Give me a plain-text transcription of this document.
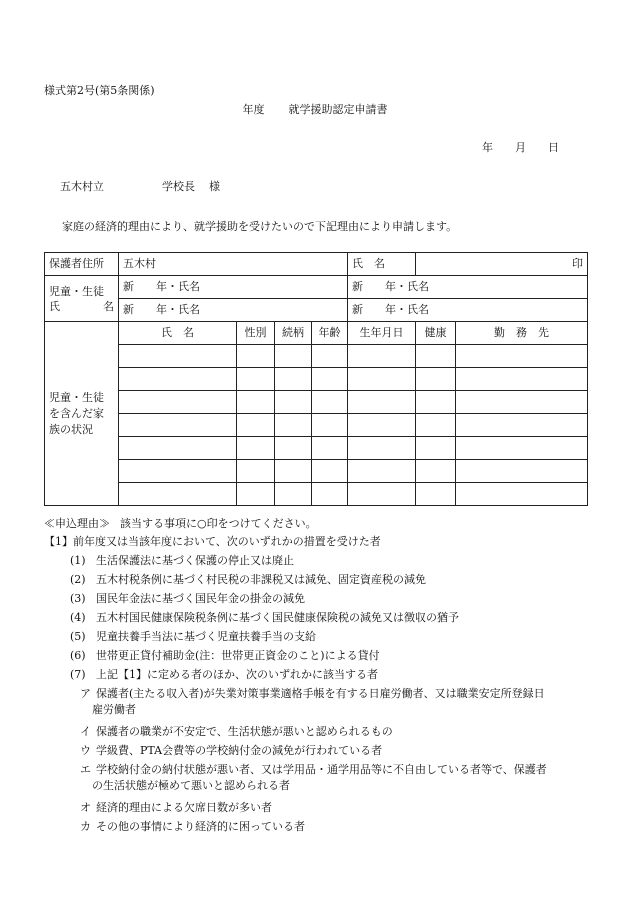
様式第2号(第5条関係)
年度 就学援助認定申請書
年 月 日
五木村立	学校長 様
家庭の経済的理由により、就学援助を受けたいので下記理由により申請します。
保護者住所	五木村				氏　名	印	

児童・生徒
氏 名	新 年・氏名				新 年・氏名		
	新 年・氏名				新 年・氏名		
児童・生徒を含んだ家族の状況	氏　名	性別	続柄	年齢	生年月日	健康	勤　務　先

≪申込理由≫ 該当する事項に○印をつけてください。
【1】前年度又は当該年度において、次のいずれかの措置を受けた者
(1) 生活保護法に基づく保護の停止又は廃止
(2) 五木村税条例に基づく村民税の非課税又は減免、固定資産税の減免
(3) 国民年金法に基づく国民年金の掛金の減免
(4) 五木村国民健康保険税条例に基づく国民健康保険税の減免又は徴収の猶予
(5) 児童扶養手当法に基づく児童扶養手当の支給
(6) 世帯更正貸付補助金(注：世帯更正資金のこと)による貸付
(7) 上記【1】に定める者のほか、次のいずれかに該当する者
ア 保護者(主たる収入者)が失業対策事業適格手帳を有する日雇労働者、又は職業安定所登録日
雇労働者
イ 保護者の職業が不安定で、生活状態が悪いと認められるもの
ウ 学級費、PTA会費等の学校納付金の減免が行われている者
エ 学校納付金の納付状態が悪い者、又は学用品・通学用品等に不自由している者等で、保護者
の生活状態が極めて悪いと認められる者
オ 経済的理由による欠席日数が多い者
カ その他の事情により経済的に困っている者
